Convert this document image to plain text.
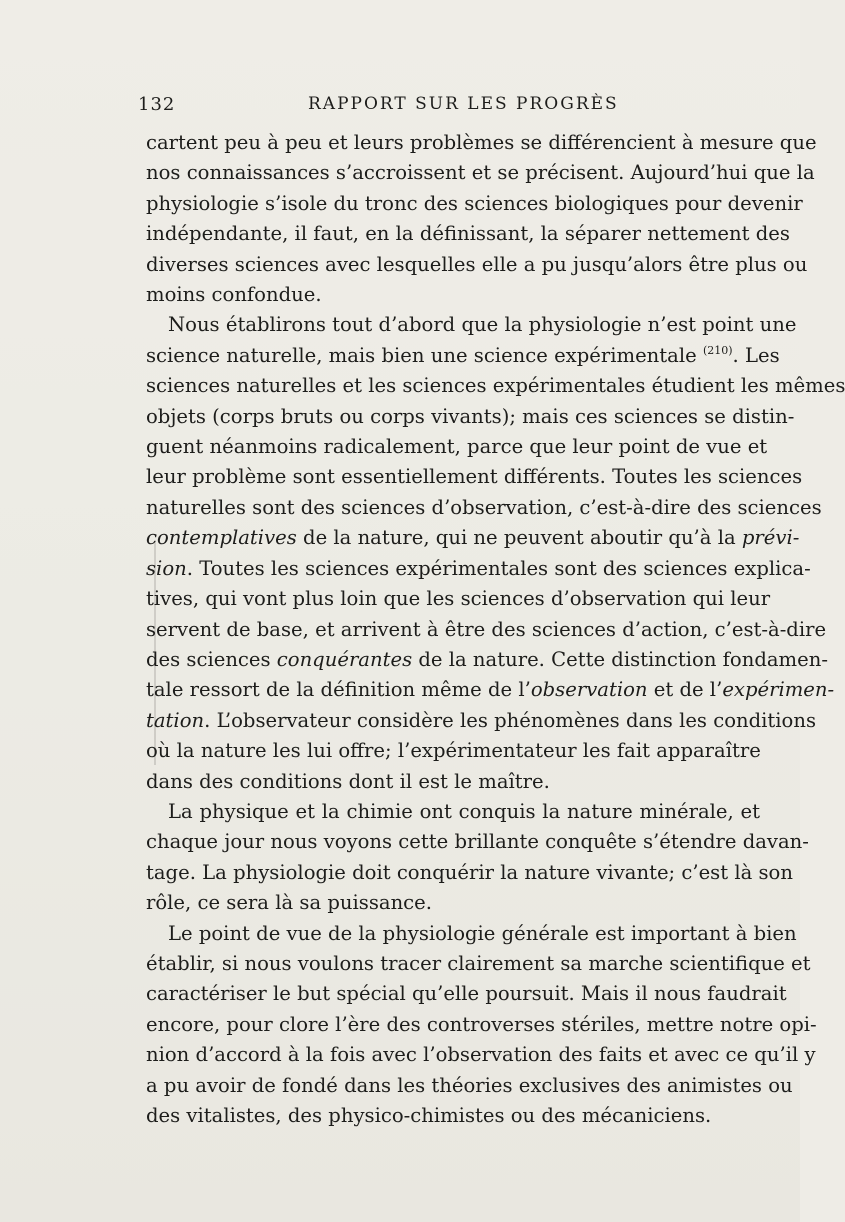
132	RAPPORT SUR LES PROGRÈS
cartent peu à peu et leurs problèmes se différencient à mesure que
nos connaissances s’accroissent et se précisent. Aujourd’hui que la
physiologie s’isole du tronc des sciences biologiques pour devenir
indépendante, il faut, en la définissant, la séparer nettement des
diverses sciences avec lesquelles elle a pu jusqu’alors être plus ou
moins confondue.
Nous établirons tout d’abord que la physiologie n’est point une
science naturelle, mais bien une science expérimentale $^{(210)}$. Les
sciences naturelles et les sciences expérimentales étudient les mêmes
objets (corps bruts ou corps vivants); mais ces sciences se distin-
guent néanmoins radicalement, parce que leur point de vue et
leur problème sont essentiellement différents. Toutes les sciences
naturelles sont des sciences d’observation, c’est-à-dire des sciences
contemplatives de la nature, qui ne peuvent aboutir qu’à la prévi-
sion. Toutes les sciences expérimentales sont des sciences explica-
tives, qui vont plus loin que les sciences d’observation qui leur
servent de base, et arrivent à être des sciences d’action, c’est-à-dire
des sciences conquérantes de la nature. Cette distinction fondamen-
tale ressort de la définition même de l’observation et de l’expérimen-
tation. L’observateur considère les phénomènes dans les conditions
où la nature les lui offre; l’expérimentateur les fait apparaître
dans des conditions dont il est le maître.
La physique et la chimie ont conquis la nature minérale, et
chaque jour nous voyons cette brillante conquête s’étendre davan-
tage. La physiologie doit conquérir la nature vivante; c’est là son
rôle, ce sera là sa puissance.
Le point de vue de la physiologie générale est important à bien
établir, si nous voulons tracer clairement sa marche scientifique et
caractériser le but spécial qu’elle poursuit. Mais il nous faudrait
encore, pour clore l’ère des controverses stériles, mettre notre opi-
nion d’accord à la fois avec l’observation des faits et avec ce qu’il y
a pu avoir de fondé dans les théories exclusives des animistes ou
des vitalistes, des physico-chimistes ou des mécaniciens.
